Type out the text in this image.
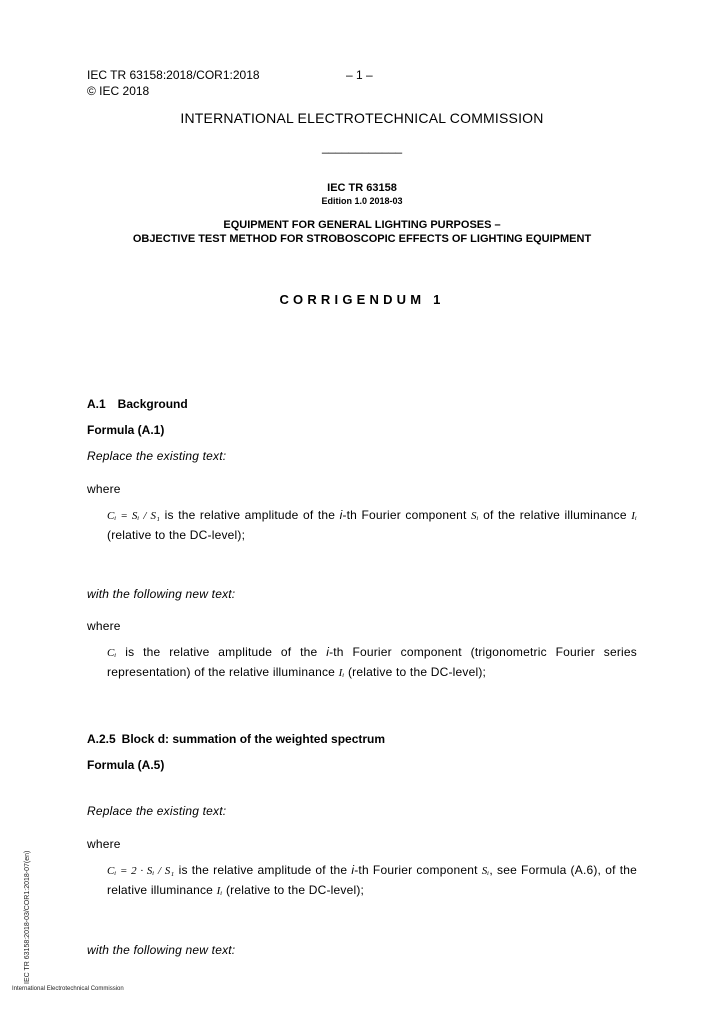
IEC TR 63158:2018/COR1:2018	– 1 –
© IEC 2018
INTERNATIONAL ELECTROTECHNICAL COMMISSION
____________
IEC TR 63158
Edition 1.0 2018-03
EQUIPMENT FOR GENERAL LIGHTING PURPOSES –
OBJECTIVE TEST METHOD FOR STROBOSCOPIC EFFECTS OF LIGHTING EQUIPMENT
CORRIGENDUM 1
A.1 Background
Formula (A.1)
Replace the existing text:
where
Cᵢ = Sᵢ / S₁ is the relative amplitude of the i-th Fourier component Sᵢ of the relative illuminance Iᵢ (relative to the DC-level);
with the following new text:
where
Cᵢ is the relative amplitude of the i-th Fourier component (trigonometric Fourier series representation) of the relative illuminance Iᵢ (relative to the DC-level);
A.2.5 Block d: summation of the weighted spectrum
Formula (A.5)
Replace the existing text:
where
Cᵢ = 2 · Sᵢ / S₁ is the relative amplitude of the i-th Fourier component Sᵢ, see Formula (A.6), of the relative illuminance Iᵢ (relative to the DC-level);
with the following new text:
IEC TR 63158:2018-03/COR1:2018-07(en)
International Electrotechnical Commission
